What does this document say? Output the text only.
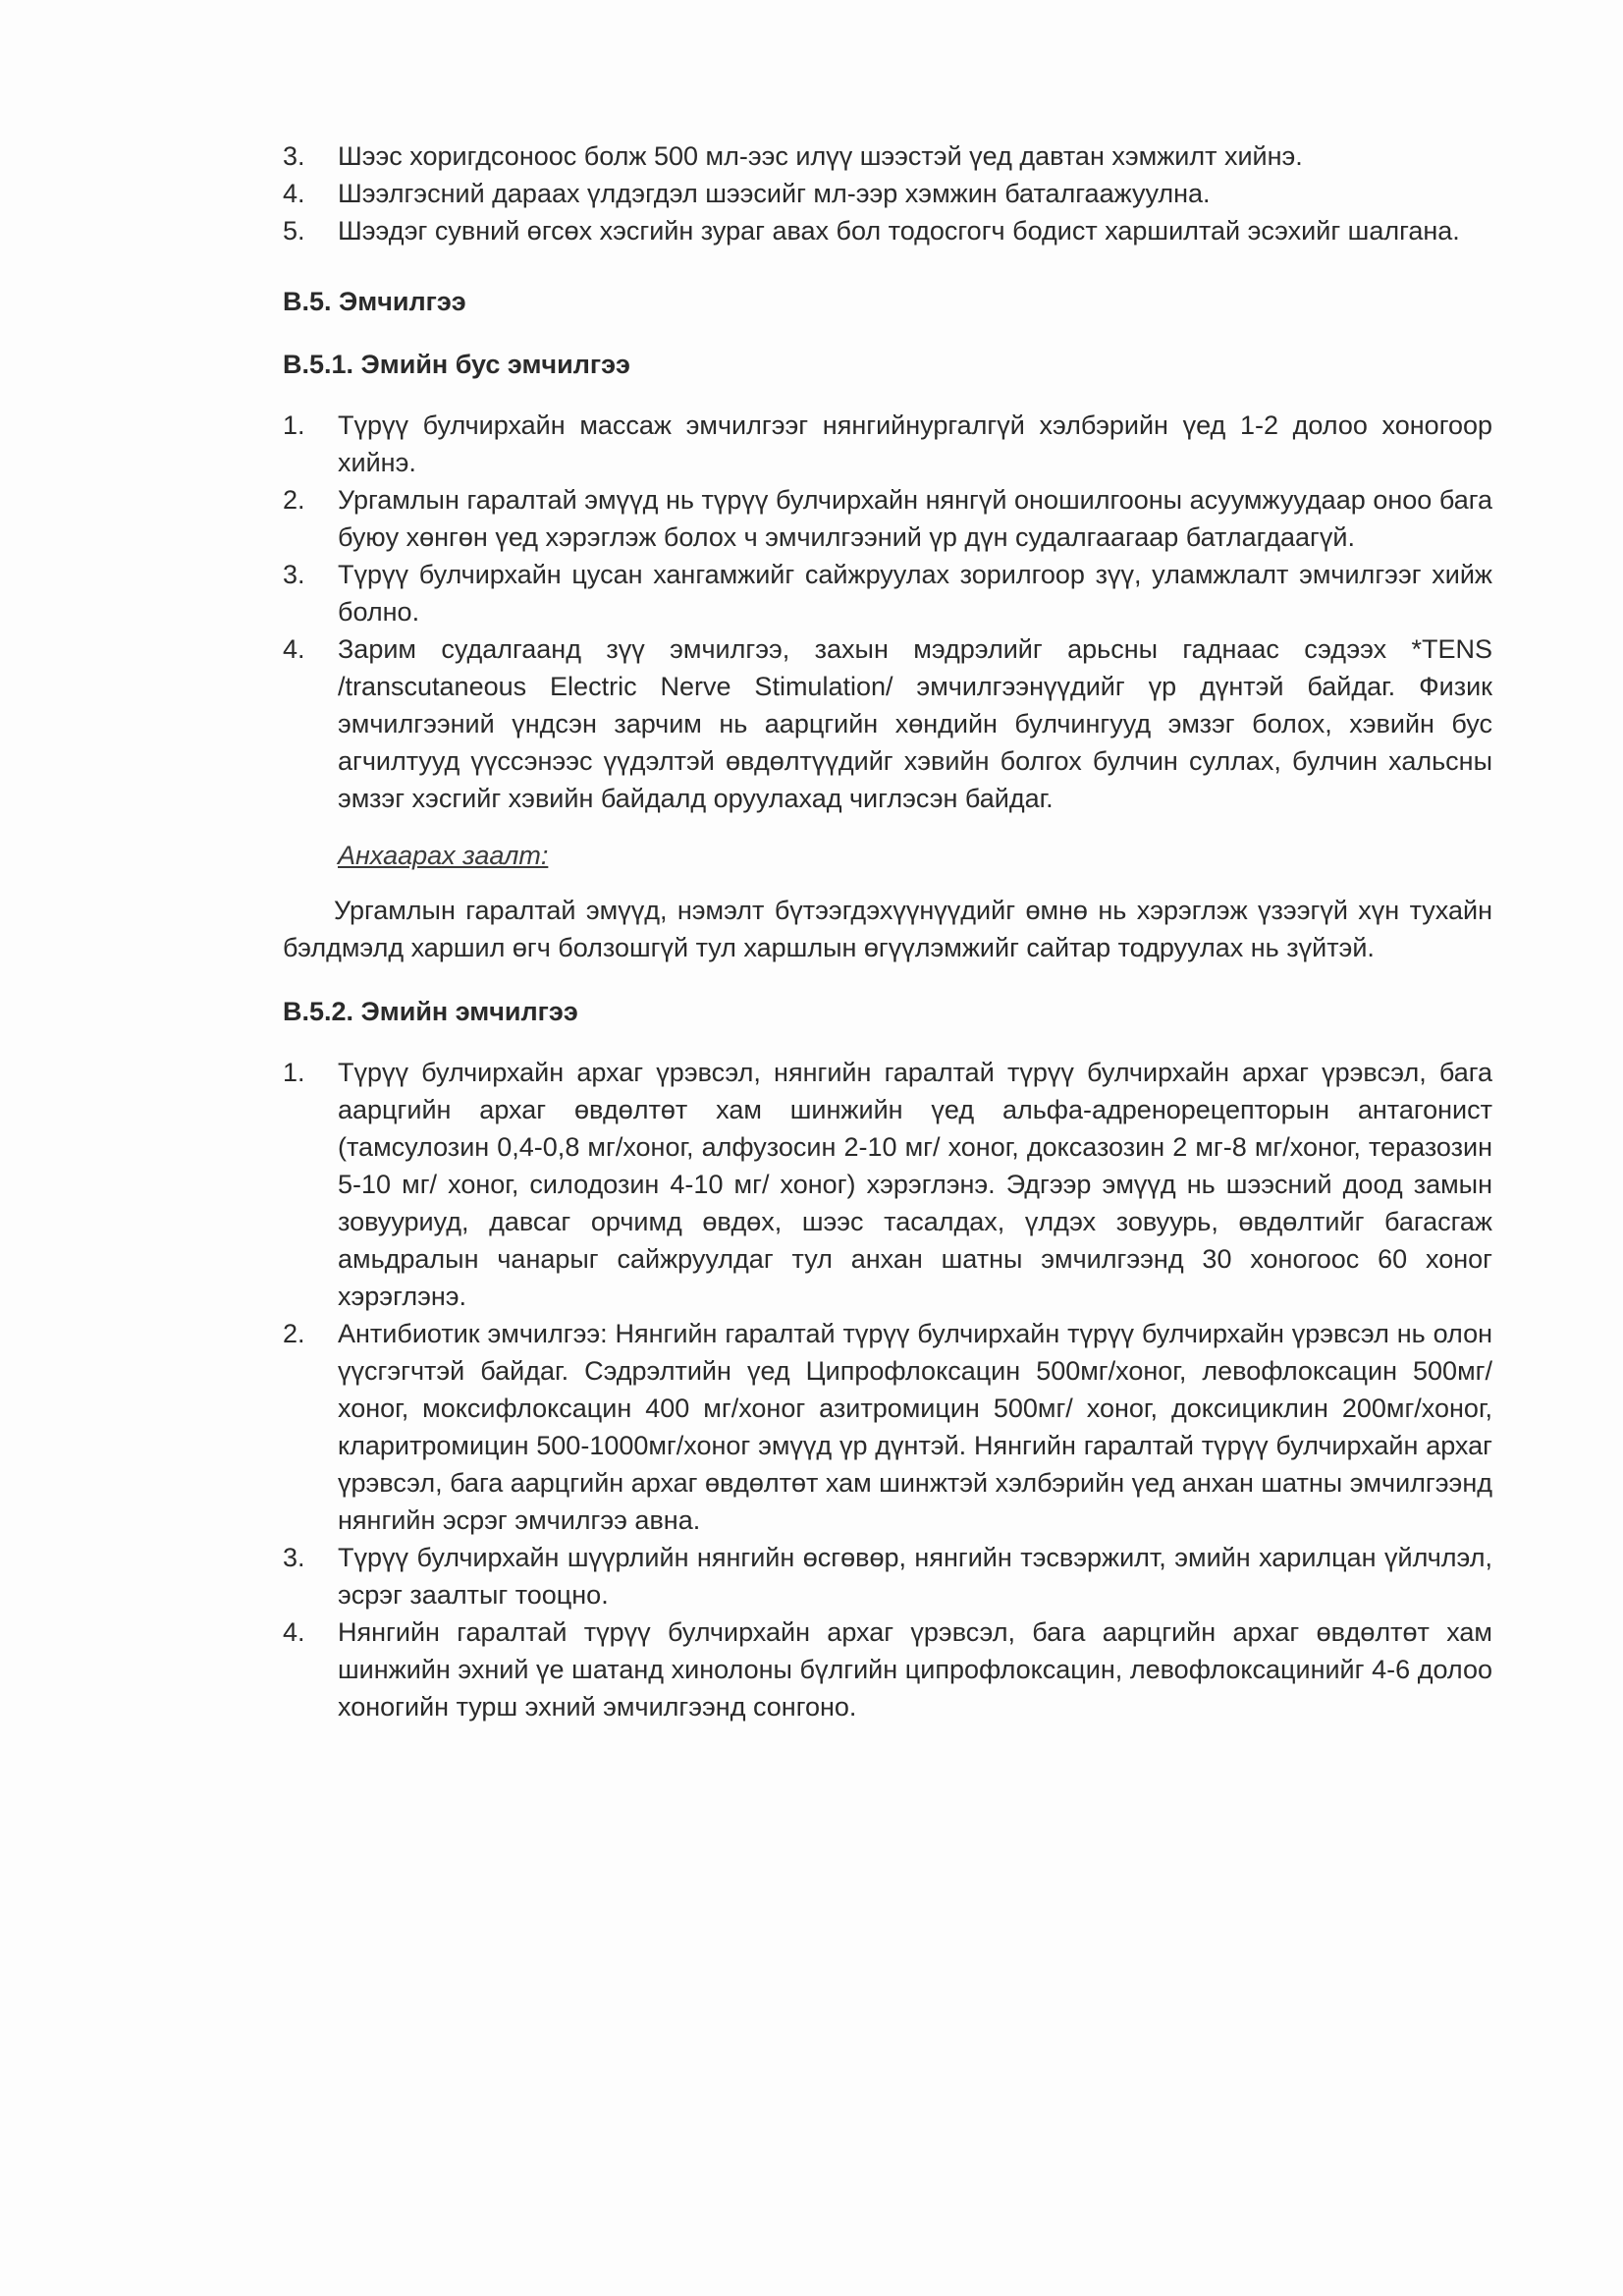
3. Шээс хоригдсоноос болж 500 мл-ээс илүү шээстэй үед давтан хэмжилт хийнэ.
4. Шээлгэсний дараах үлдэгдэл шээсийг мл-ээр хэмжин баталгаажуулна.
5. Шээдэг сувний өгсөх хэсгийн зураг авах бол тодосгогч бодист харшилтай эсэхийг шалгана.

B.5. Эмчилгээ

B.5.1. Эмийн бус эмчилгээ

1. Түрүү булчирхайн массаж эмчилгээг нянгийнургалгүй хэлбэрийн үед 1-2 долоо хоногоор хийнэ.
2. Ургамлын гаралтай эмүүд нь түрүү булчирхайн нянгүй оношилгооны асуумжуудаар оноо бага буюу хөнгөн үед хэрэглэж болох ч эмчилгээний үр дүн судалгаагаар батлагдаагүй.
3. Түрүү булчирхайн цусан хангамжийг сайжруулах зорилгоор зүү, уламжлалт эмчилгээг хийж болно.
4. Зарим судалгаанд зүү эмчилгээ, захын мэдрэлийг арьсны гаднаас сэдээх *TENS /transcutaneous Electric Nerve Stimulation/ эмчилгээнүүдийг үр дүнтэй байдаг. Физик эмчилгээний үндсэн зарчим нь аарцгийн хөндийн булчингууд эмзэг болох, хэвийн бус агчилтууд үүссэнээс үүдэлтэй өвдөлтүүдийг хэвийн болгох булчин суллах, булчин хальсны эмзэг хэсгийг хэвийн байдалд оруулахад чиглэсэн байдаг.
Анхаарах заалт:

Ургамлын гаралтай эмүүд, нэмэлт бүтээгдэхүүнүүдийг өмнө нь хэрэглэж үзээгүй хүн тухайн бэлдмэлд харшил өгч болзошгүй тул харшлын өгүүлэмжийг сайтар тодруулах нь зүйтэй.

B.5.2. Эмийн эмчилгээ

1. Түрүү булчирхайн архаг үрэвсэл, нянгийн гаралтай түрүү булчирхайн архаг үрэвсэл, бага аарцгийн архаг өвдөлтөт хам шинжийн үед альфа-адренорецепторын антагонист (тамсулозин 0,4-0,8 мг/хоног, алфузосин 2-10 мг/ хоног, доксазозин 2 мг-8 мг/хоног, теразозин 5-10 мг/ хоног, силодозин 4-10 мг/ хоног) хэрэглэнэ. Эдгээр эмүүд нь шээсний доод замын зовууриуд, давсаг орчимд өвдөх, шээс тасалдах, үлдэх зовуурь, өвдөлтийг багасгаж амьдралын чанарыг сайжруулдаг тул анхан шатны эмчилгээнд 30 хоногоос 60 хоног хэрэглэнэ.
2. Антибиотик эмчилгээ: Нянгийн гаралтай түрүү булчирхайн түрүү булчирхайн үрэвсэл нь олон үүсгэгчтэй байдаг. Сэдрэлтийн үед Ципрофлоксацин 500мг/хоног, левофлоксацин 500мг/хоног, моксифлоксацин 400 мг/хоног азитромицин 500мг/ хоног, доксициклин 200мг/хоног, кларитромицин 500-1000мг/хоног эмүүд үр дүнтэй. Нянгийн гаралтай түрүү булчирхайн архаг үрэвсэл, бага аарцгийн архаг өвдөлтөт хам шинжтэй хэлбэрийн үед анхан шатны эмчилгээнд нянгийн эсрэг эмчилгээ авна.
3. Түрүү булчирхайн шүүрлийн нянгийн өсгөвөр, нянгийн тэсвэржилт, эмийн харилцан үйлчлэл, эсрэг заалтыг тооцно.
4. Нянгийн гаралтай түрүү булчирхайн архаг үрэвсэл, бага аарцгийн архаг өвдөлтөт хам шинжийн эхний үе шатанд хинолоны бүлгийн ципрофлоксацин, левофлоксацинийг 4-6 долоо хоногийн турш эхний эмчилгээнд сонгоно.
